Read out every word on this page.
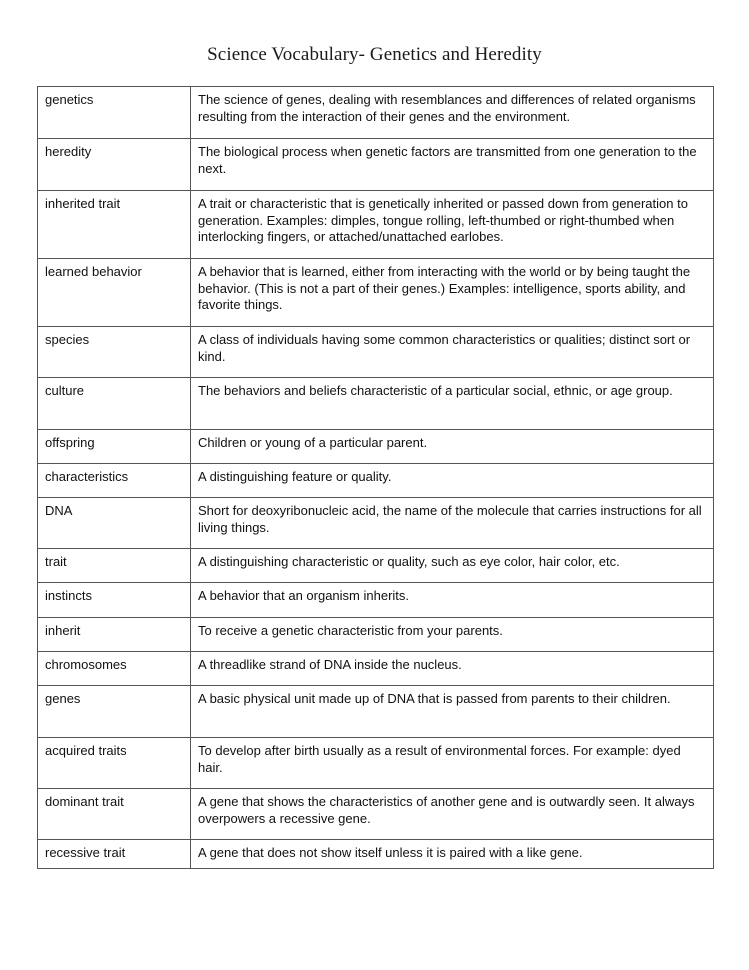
Science Vocabulary- Genetics and Heredity
genetics	The science of genes, dealing with resemblances and differences of related organisms resulting from the interaction of their genes and the environment.
heredity	The biological process when genetic factors are transmitted from one generation to the next.
inherited trait	A trait or characteristic that is genetically inherited or passed down from generation to generation. Examples: dimples, tongue rolling, left-thumbed or right-thumbed when interlocking fingers, or attached/unattached earlobes.
learned behavior	A behavior that is learned, either from interacting with the world or by being taught the behavior. (This is not a part of their genes.) Examples: intelligence, sports ability, and favorite things.
species	A class of individuals having some common characteristics or qualities; distinct sort or kind.
culture	The behaviors and beliefs characteristic of a particular social, ethnic, or age group.
offspring	Children or young of a particular parent.
characteristics	A distinguishing feature or quality.
DNA	Short for deoxyribonucleic acid, the name of the molecule that carries instructions for all living things.
trait	A distinguishing characteristic or quality, such as eye color, hair color, etc.
instincts	A behavior that an organism inherits.
inherit	To receive a genetic characteristic from your parents.
chromosomes	A threadlike strand of DNA inside the nucleus.
genes	A basic physical unit made up of DNA that is passed from parents to their children.
acquired traits	To develop after birth usually as a result of environmental forces. For example: dyed hair.
dominant trait	A gene that shows the characteristics of another gene and is outwardly seen. It always overpowers a recessive gene.
recessive trait	A gene that does not show itself unless it is paired with a like gene.
